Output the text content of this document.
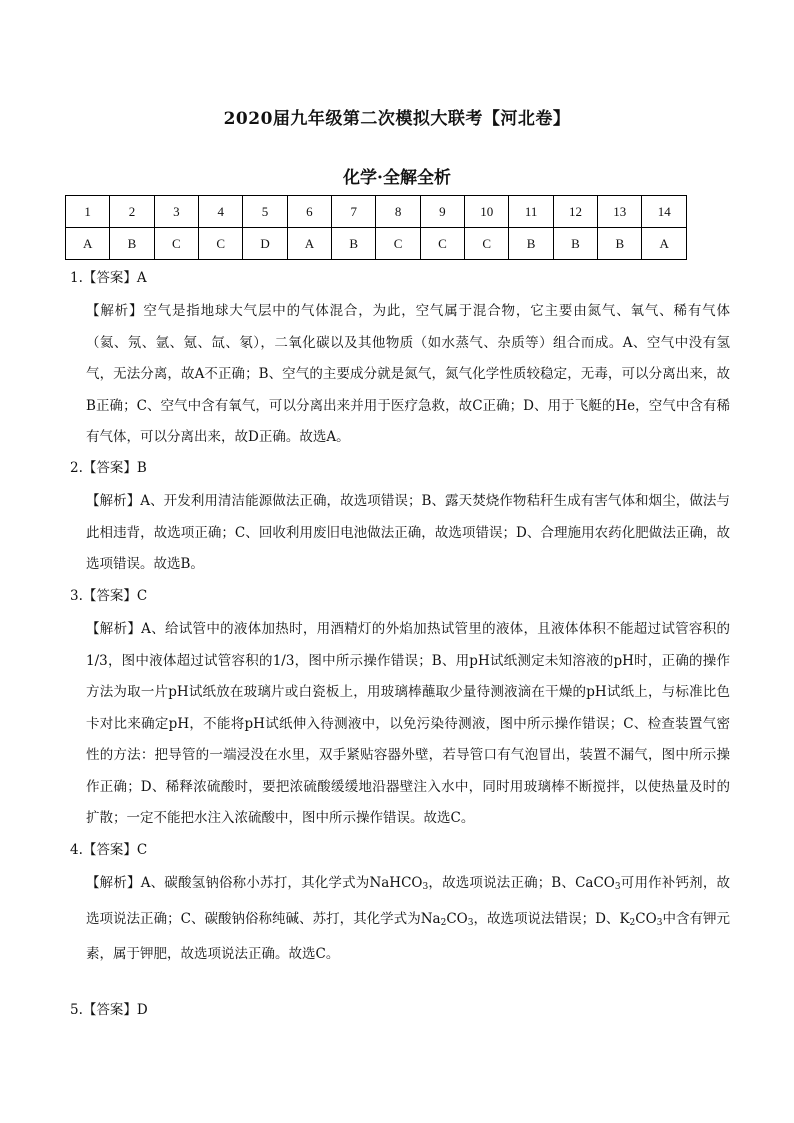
2020届九年级第二次模拟大联考【河北卷】
化学·全解全析
1	2	3	4	5	6	7	8	9	10	11	12	13	14
A	B	C	C	D	A	B	C	C	C	B	B	B	A
1.【答案】A
【解析】空气是指地球大气层中的气体混合，为此，空气属于混合物，它主要由氮气、氧气、稀有气体（氦、氖、氩、氪、氙、氡），二氧化碳以及其他物质（如水蒸气、杂质等）组合而成。A、空气中没有氢气，无法分离，故A不正确；B、空气的主要成分就是氮气，氮气化学性质较稳定，无毒，可以分离出来，故B正确；C、空气中含有氧气，可以分离出来并用于医疗急救，故C正确；D、用于飞艇的He，空气中含有稀有气体，可以分离出来，故D正确。故选A。
2.【答案】B
【解析】A、开发利用清洁能源做法正确，故选项错误；B、露天焚烧作物秸秆生成有害气体和烟尘，做法与此相违背，故选项正确；C、回收利用废旧电池做法正确，故选项错误；D、合理施用农药化肥做法正确，故选项错误。故选B。
3.【答案】C
【解析】A、给试管中的液体加热时，用酒精灯的外焰加热试管里的液体，且液体体积不能超过试管容积的1/3，图中液体超过试管容积的1/3，图中所示操作错误；B、用pH试纸测定未知溶液的pH时，正确的操作方法为取一片pH试纸放在玻璃片或白瓷板上，用玻璃棒蘸取少量待测液滴在干燥的pH试纸上，与标准比色卡对比来确定pH，不能将pH试纸伸入待测液中，以免污染待测液，图中所示操作错误；C、检查装置气密性的方法：把导管的一端浸没在水里，双手紧贴容器外壁，若导管口有气泡冒出，装置不漏气，图中所示操作正确；D、稀释浓硫酸时，要把浓硫酸缓缓地沿器壁注入水中，同时用玻璃棒不断搅拌，以使热量及时的扩散；一定不能把水注入浓硫酸中，图中所示操作错误。故选C。
4.【答案】C
【解析】A、碳酸氢钠俗称小苏打，其化学式为NaHCO$_3$，故选项说法正确；B、CaCO$_3$可用作补钙剂，故选项说法正确；C、碳酸钠俗称纯碱、苏打，其化学式为$Na_2CO_3$，故选项说法错误；D、$K_2CO_3$中含有钾元素，属于钾肥，故选项说法正确。故选C。
5.【答案】D
